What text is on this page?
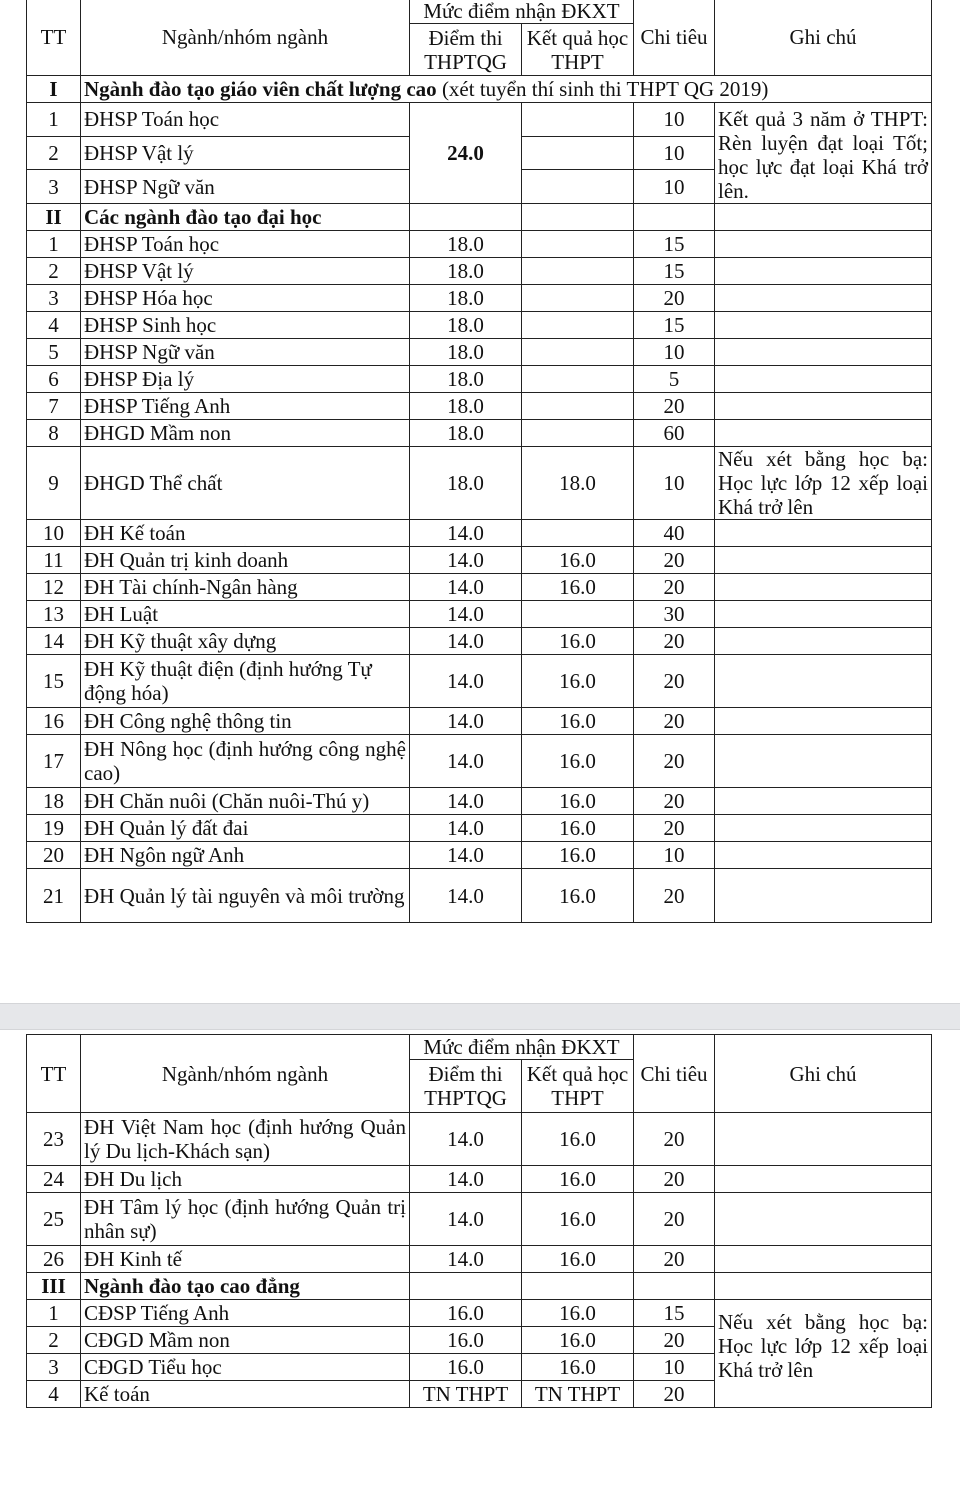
TT	Ngành/nhóm ngành	Mức điểm nhận ĐKXT		Chi tiêu	Ghi chú
		Điểm thi THPTQG	Kết quả học THPT		
I	Ngành đào tạo giáo viên chất lượng cao (xét tuyển thí sinh thi THPT QG 2019)				
1	ĐHSP Toán học	24.0		10	Kết quả 3 năm ở THPT: Rèn luyện đạt loại Tốt; học lực đạt loại Khá trở lên.
2	ĐHSP Vật lý			10	
3	ĐHSP Ngữ văn			10	
II	Các ngành đào tạo đại học				
1	ĐHSP Toán học	18.0		15	
2	ĐHSP Vật lý	18.0		15	
3	ĐHSP Hóa học	18.0		20	
4	ĐHSP Sinh học	18.0		15	
5	ĐHSP Ngữ văn	18.0		10	
6	ĐHSP Địa lý	18.0		5	
7	ĐHSP Tiếng Anh	18.0		20	
8	ĐHGD Mầm non	18.0		60	
9	ĐHGD Thể chất	18.0	18.0	10	Nếu xét bằng học bạ: Học lực lớp 12 xếp loại Khá trở lên
10	ĐH Kế toán	14.0		40	
11	ĐH Quản trị kinh doanh	14.0	16.0	20	
12	ĐH Tài chính-Ngân hàng	14.0	16.0	20	
13	ĐH Luật	14.0		30	
14	ĐH Kỹ thuật xây dựng	14.0	16.0	20	
15	ĐH Kỹ thuật điện (định hướng Tự động hóa)	14.0	16.0	20	
16	ĐH Công nghệ thông tin	14.0	16.0	20	
17	ĐH Nông học (định hướng công nghệ cao)	14.0	16.0	20	
18	ĐH Chăn nuôi (Chăn nuôi-Thú y)	14.0	16.0	20	
19	ĐH Quản lý đất đai	14.0	16.0	20	
20	ĐH Ngôn ngữ Anh	14.0	16.0	10	
21	ĐH Quản lý tài nguyên và môi trường	14.0	16.0	20	
TT	Ngành/nhóm ngành	Mức điểm nhận ĐKXT		Chi tiêu	Ghi chú
		Điểm thi THPTQG	Kết quả học THPT		
23	ĐH Việt Nam học (định hướng Quản lý Du lịch-Khách sạn)	14.0	16.0	20	
24	ĐH Du lịch	14.0	16.0	20	
25	ĐH Tâm lý học (định hướng Quản trị nhân sự)	14.0	16.0	20	
26	ĐH Kinh tế	14.0	16.0	20	
III	Ngành đào tạo cao đẳng				
1	CĐSP Tiếng Anh	16.0	16.0	15	Nếu xét bằng học bạ: Học lực lớp 12 xếp loại Khá trở lên
2	CĐGD Mầm non	16.0	16.0	20	
3	CĐGD Tiểu học	16.0	16.0	10	
4	Kế toán	TN THPT	TN THPT	20	
